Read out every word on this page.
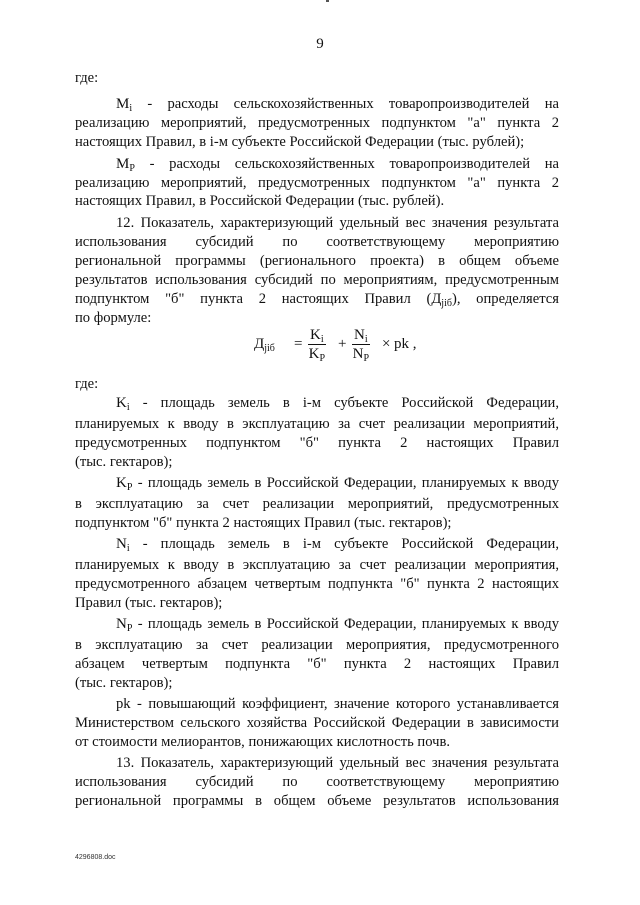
9
где:
$M_i$ - расходы сельскохозяйственных товаропроизводителей на
реализацию мероприятий, предусмотренных подпунктом "а" пункта 2
настоящих Правил, в i-м субъекте Российской Федерации (тыс. рублей);
$M_P$ - расходы сельскохозяйственных товаропроизводителей на
реализацию мероприятий, предусмотренных подпунктом "а" пункта 2
настоящих Правил, в Российской Федерации (тыс. рублей).
12. Показатель, характеризующий удельный вес значения результата
использования субсидий по соответствующему мероприятию
региональной программы (регионального проекта) в общем объеме
результатов использования субсидий по мероприятиям, предусмотренным
подпунктом "б" пункта 2 настоящих Правил $(Д_{jiб})$, определяется
по формуле:
$Д_{jiб} = \frac{K_i}{K_P} + \frac{N_i}{N_P}$ × pk ,
где:
$K_i$ - площадь земель в i-м субъекте Российской Федерации,
планируемых к вводу в эксплуатацию за счет реализации мероприятий,
предусмотренных подпунктом "б" пункта 2 настоящих Правил
(тыс. гектаров);
$K_P$ - площадь земель в Российской Федерации, планируемых к вводу
в эксплуатацию за счет реализации мероприятий, предусмотренных
подпунктом "б" пункта 2 настоящих Правил (тыс. гектаров);
$N_i$ - площадь земель в i-м субъекте Российской Федерации,
планируемых к вводу в эксплуатацию за счет реализации мероприятия,
предусмотренного абзацем четвертым подпункта "б" пункта 2 настоящих
Правил (тыс. гектаров);
$N_P$ - площадь земель в Российской Федерации, планируемых к вводу
в эксплуатацию за счет реализации мероприятия, предусмотренного
абзацем четвертым подпункта "б" пункта 2 настоящих Правил
(тыс. гектаров);
pk - повышающий коэффициент, значение которого устанавливается
Министерством сельского хозяйства Российской Федерации в зависимости
от стоимости мелиорантов, понижающих кислотность почв.
13. Показатель, характеризующий удельный вес значения результата
использования субсидий по соответствующему мероприятию
региональной программы в общем объеме результатов использования
4296808.doc
